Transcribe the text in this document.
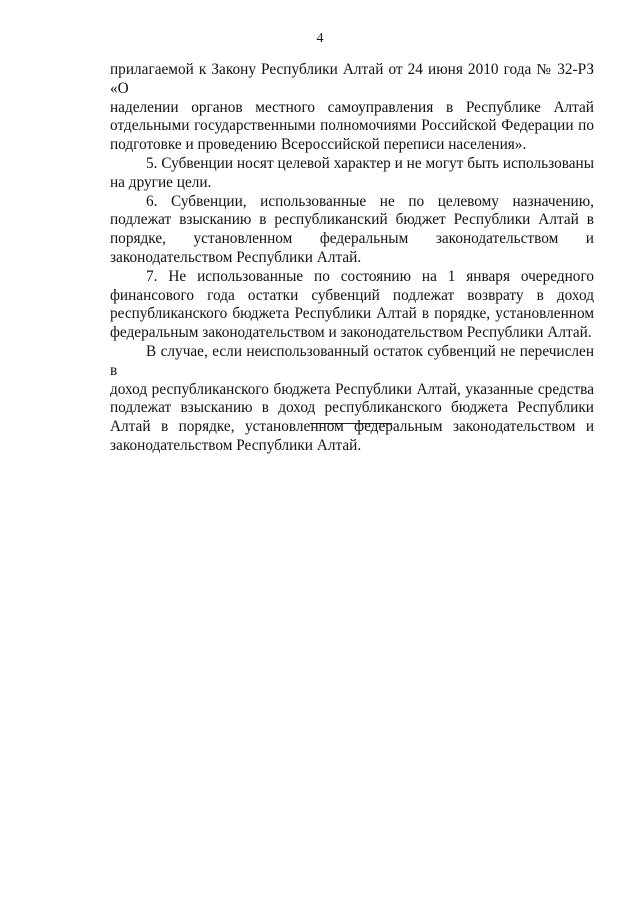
4

прилагаемой к Закону Республики Алтай от 24 июня 2010 года № 32-РЗ «О
наделении органов местного самоуправления в Республике Алтай
отдельными государственными полномочиями Российской Федерации по
подготовке и проведению Всероссийской переписи населения».

5. Субвенции носят целевой характер и не могут быть использованы
на другие цели.

6. Субвенции, использованные не по целевому назначению,
подлежат взысканию в республиканский бюджет Республики Алтай в
порядке, установленном федеральным законодательством и
законодательством Республики Алтай.

7. Не использованные по состоянию на 1 января очередного
финансового года остатки субвенций подлежат возврату в доход
республиканского бюджета Республики Алтай в порядке, установленном
федеральным законодательством и законодательством Республики Алтай.

В случае, если неиспользованный остаток субвенций не перечислен в
доход республиканского бюджета Республики Алтай, указанные средства
подлежат взысканию в доход республиканского бюджета Республики
Алтай в порядке, установленном федеральным законодательством и
законодательством Республики Алтай.
